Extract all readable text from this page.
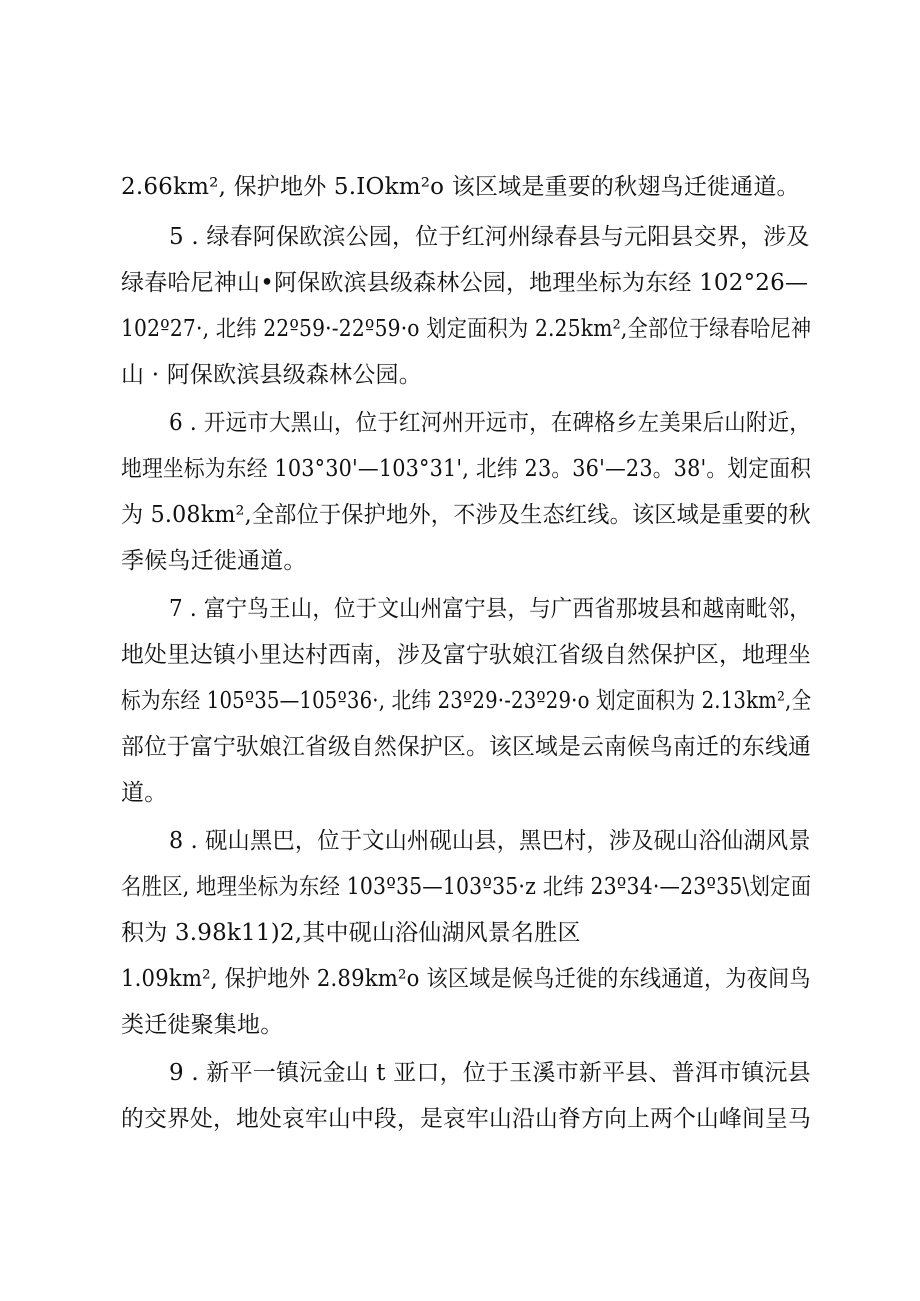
2.66km², 保护地外 5.IOkm²o 该区域是重要的秋翅鸟迁徙通道。
5 . 绿春阿保欧滨公园，位于红河州绿春县与元阳县交界，涉及
绿春哈尼神山•阿保欧滨县级森林公园，地理坐标为东经 102°26—
102º27·, 北纬 22º59·-22º59·o 划定面积为 2.25km²,全部位于绿春哈尼神
山 · 阿保欧滨县级森林公园。
6 . 开远市大黑山，位于红河州开远市，在碑格乡左美果后山附近，
地理坐标为东经 103°30'—103°31', 北纬 23。36'—23。38'。划定面积
为 5.08km²,全部位于保护地外，不涉及生态红线。该区域是重要的秋
季候鸟迁徙通道。
7 . 富宁鸟王山，位于文山州富宁县，与广西省那坡县和越南毗邻，
地处里达镇小里达村西南，涉及富宁驮娘江省级自然保护区，地理坐
标为东经 105º35—105º36·, 北纬 23º29·-23º29·o 划定面积为 2.13km²,全
部位于富宁驮娘江省级自然保护区。该区域是云南候鸟南迁的东线通
道。
8 . 砚山黑巴，位于文山州砚山县，黑巴村，涉及砚山浴仙湖风景
名胜区, 地理坐标为东经 103º35—103º35·z 北纬 23º34·—23º35\划定面
积为 3.98k11)2,其中砚山浴仙湖风景名胜区
1.09km², 保护地外 2.89km²o 该区域是候鸟迁徙的东线通道，为夜间鸟
类迁徙聚集地。
9 . 新平一镇沅金山 t 亚口，位于玉溪市新平县、普洱市镇沅县
的交界处，地处哀牢山中段，是哀牢山沿山脊方向上两个山峰间呈马
